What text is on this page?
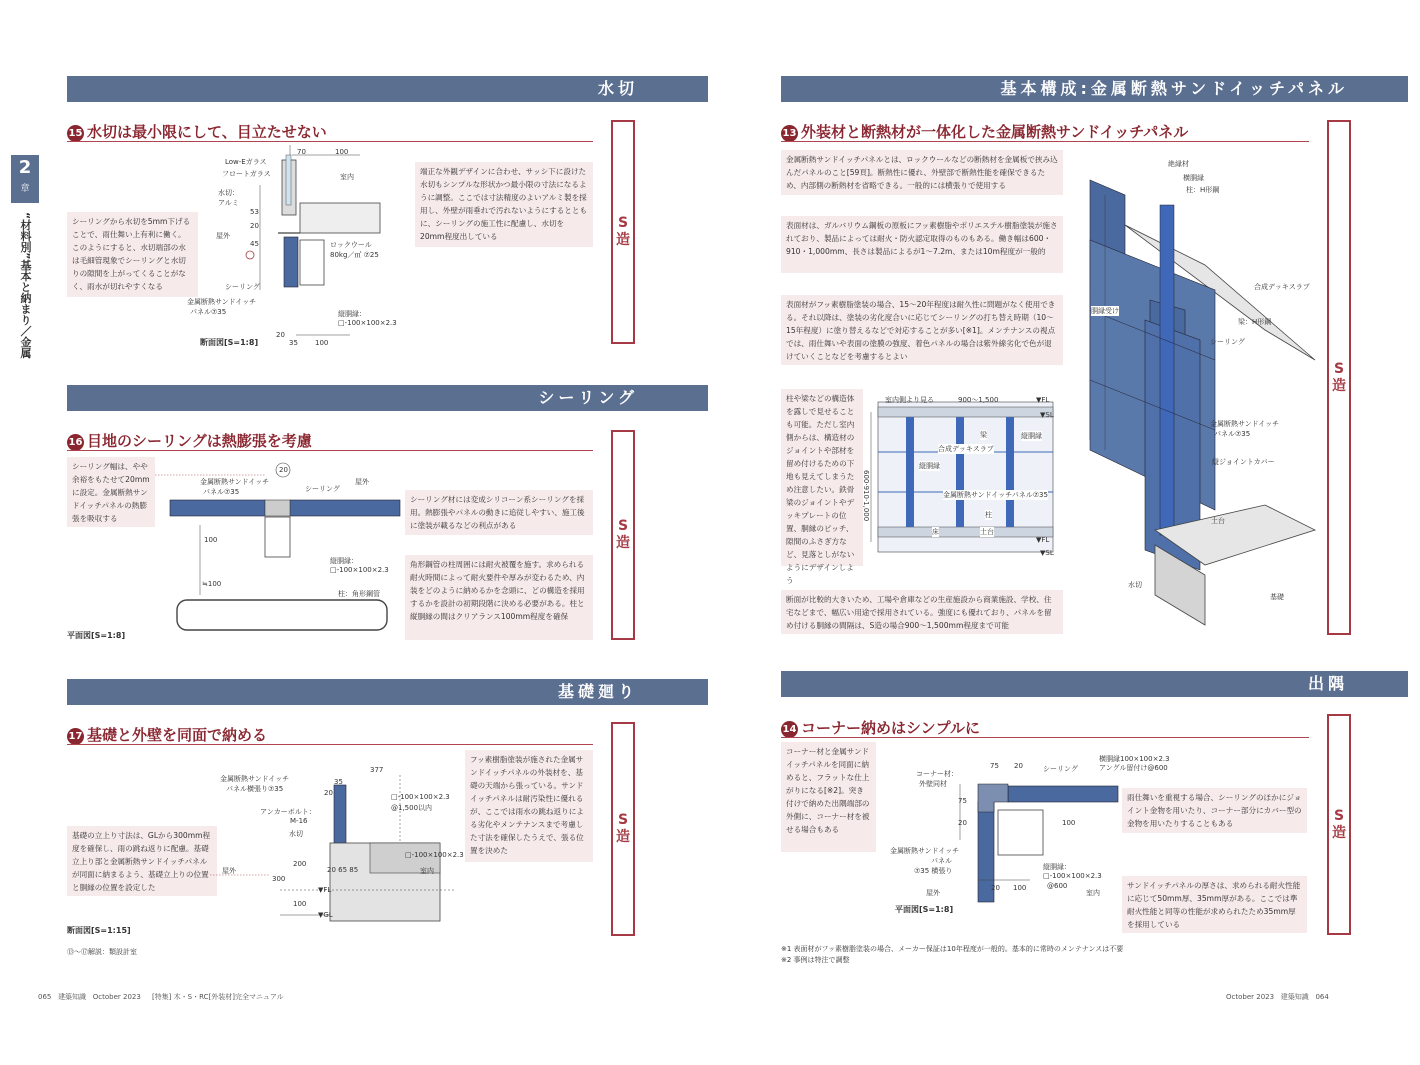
2
章
“材料別”基本と納まり／金属
水切
15 水切は最小限にして、目立たせない
S造
シーリングから水切を5mm下げることで、雨仕舞い上有利に働く。このようにすると、水切端部の水は毛細管現象でシーリングと水切りの隙間を上がってくることがなく、雨水が切れやすくなる
端正な外観デザインに合わせ、サッシ下に設けた水切もシンプルな形状かつ最小限の寸法になるように調整。ここでは寸法精度のよいアルミ製を採用し、外壁が雨垂れで汚れないようにするとともに、シーリングの施工性に配慮し、水切を20mm程度出している
70	100
Low-Eガラス
フロートガラス	室内
水切：
アルミ
屋外
ロックウール
80kg／㎥ ⑦25
53
20
45
シーリング
金属断熱サンドイッチ
パネル⑦35	縦胴縁：
□-100×100×2.3
20
35 100
断面図[S=1:8]
シーリング
16 目地のシーリングは熱膨張を考慮
S造
シーリング幅は、やや余裕をもたせて20mmに設定。金属断熱サンドイッチパネルの熱膨張を吸収する
シーリング材には変成シリコーン系シーリングを採用。熱膨張やパネルの動きに追従しやすい、施工後に塗装が載るなどの利点がある
角形鋼管の柱周囲には耐火被覆を施す。求められる耐火時間によって耐火要件や厚みが変わるため、内装をどのように納めるかを念頭に、どの構造を採用するかを設計の初期段階に決める必要がある。柱と縦胴縁の間はクリアランス100mm程度を確保
20
金属断熱サンドイッチ
パネル⑦35	シーリング
屋外
100
縦胴縁：
□-100×100×2.3
≒100
柱：角形鋼管
平面図[S=1:8]
基礎廻り
17 基礎と外壁を同面で納める
S造
基礎の立上り寸法は、GLから300mm程度を確保し、雨の跳ね返りに配慮。基礎立上り部と金属断熱サンドイッチパネルが同面に納まるよう、基礎立上りの位置と胴縁の位置を設定した
フッ素樹脂塗装が施された金属サンドイッチパネルの外装材を、基礎の天端から張っている。サンドイッチパネルは耐汚染性に優れるが、ここでは雨水の跳ね返りによる劣化やメンテナンスまで考慮した寸法を確保したうえで、張る位置を決めた
377
35
金属断熱サンドイッチ
パネル横張り⑦35	20	□-100×100×2.3
@1,500以内
アンカーボルト：
M-16
水切
□-100×100×2.3
200
室内
屋外
300
20 65 85
▼FL
100
▼GL
断面図[S=1:15]
⑬〜⑰解説：類設計室
065 建築知識 October 2023 [特集] 木・S・RC[外装材]完全マニュアル
基本構成:金属断熱サンドイッチパネル
13 外装材と断熱材が一体化した金属断熱サンドイッチパネル
S造
金属断熱サンドイッチパネルとは、ロックウールなどの断熱材を金属板で挟み込んだパネルのこと[59頁]。断熱性に優れ、外壁部で断熱性能を確保できるため、内部側の断熱材を省略できる。一般的には横張りで使用する
表面材は、ガルバリウム鋼板の原板にフッ素樹脂やポリエステル樹脂塗装が施されており、製品によっては耐火・防火認定取得のものもある。働き幅は600・910・1,000mm、長さは製品によるが1〜7.2m、または10m程度が一般的
表面材がフッ素樹脂塗装の場合、15〜20年程度は耐久性に問題がなく使用できる。それ以降は、塗装の劣化度合いに応じてシーリングの打ち替え時期（10〜15年程度）に塗り替えるなどで対応することが多い[※1]。メンテナンスの視点では、雨仕舞いや表面の塗膜の強度、着色パネルの場合は紫外線劣化で色が退けていくことなどを考慮するとよい
柱や梁などの構造体を露しで見せることも可能。ただし室内側からは、構造材のジョイントや部材を留め付けるための下地も見えてしまうため注意したい。鉄骨梁のジョイントやデッキプレートの位置、胴縁のピッチ、隙間のふさぎ方など、見落としがないようにデザインしよう
断面が比較的大きいため、工場や倉庫などの生産施設から商業施設、学校、住宅などまで、幅広い用途で採用されている。強度にも優れており、パネルを留め付ける胴縁の間隔は、S造の場合900〜1,500mm程度まで可能
室内側より見る	900〜1,500	▼FL
▼SL
梁	縦胴縁
合成デッキスラブ
縦胴縁
金属断熱サンドイッチパネル⑦35
柱
床	土台
▼FL
▼SL
600·910·1,000
絶縁材
横胴縁
柱：H形鋼
合成デッキスラブ
胴縁受け
梁：H形鋼
シーリング
金属断熱サンドイッチ
パネル⑦35
縦ジョイントカバー
土台
水切
基礎
出隅
14 コーナー納めはシンプルに
S造
コーナー材と金属サンドイッチパネルを同面に納めると、フラットな仕上がりになる[※2]。突き付けで納めた出隅端部の外側に、コーナー材を被せる場合もある
雨仕舞いを重視する場合、シーリングのほかにジョイント金物を用いたり、コーナー部分にカバー型の金物を用いたりすることもある
サンドイッチパネルの厚さは、求められる耐火性能に応じて50mm厚、35mm厚がある。ここでは準耐火性能と同等の性能が求められたため35mm厚を採用している
75 20	シーリング
横胴縁100×100×2.3
アングル留付け@600
コーナー材：
外壁同材
75
20	100
金属断熱サンドイッチ
パネル
⑦35 横張り	縦胴縁：
□-100×100×2.3
@600
20 100
屋外	室内
平面図[S=1:8]
※1 表面材がフッ素樹脂塗装の場合、メーカー保証は10年程度が一般的。基本的に常時のメンテナンスは不要
※2 事例は特注で調整
October 2023 建築知識 064
